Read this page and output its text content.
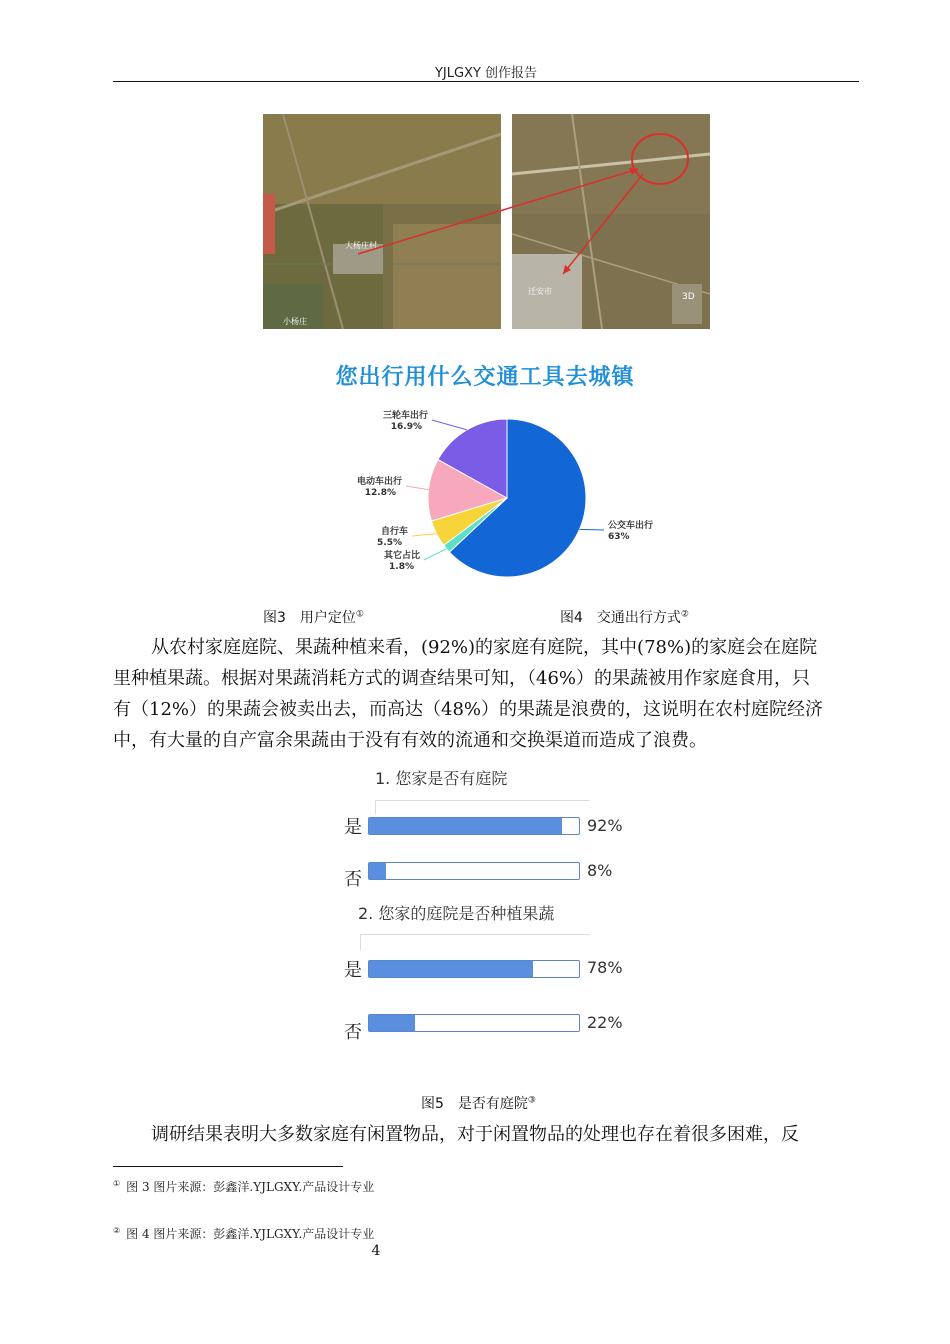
YJLGXY 创作报告
大杨庄村
小杨庄
迁安市
3D
您出行用什么交通工具去城镇
公交车出行
63%
其它占比
1.8%
自行车
5.5%
电动车出行
12.8%
三轮车出行
16.9%
图3　用户定位①	图4　交通出行方式②
从农村家庭庭院、果蔬种植来看，(92%)的家庭有庭院，其中(78%)的家庭会在庭院
里种植果蔬。根据对果蔬消耗方式的调查结果可知，（46%）的果蔬被用作家庭食用，只
有（12%）的果蔬会被卖出去，而高达（48%）的果蔬是浪费的，这说明在农村庭院经济
中，有大量的自产富余果蔬由于没有有效的流通和交换渠道而造成了浪费。
1. 您家是否有庭院
是	92%
否	8%
2. 您家的庭院是否种植果蔬
是	78%
否	22%
图5　是否有庭院③
调研结果表明大多数家庭有闲置物品，对于闲置物品的处理也存在着很多困难，反
① 图 3 图片来源：彭鑫洋.YJLGXY.产品设计专业
② 图 4 图片来源：彭鑫洋.YJLGXY.产品设计专业
4
